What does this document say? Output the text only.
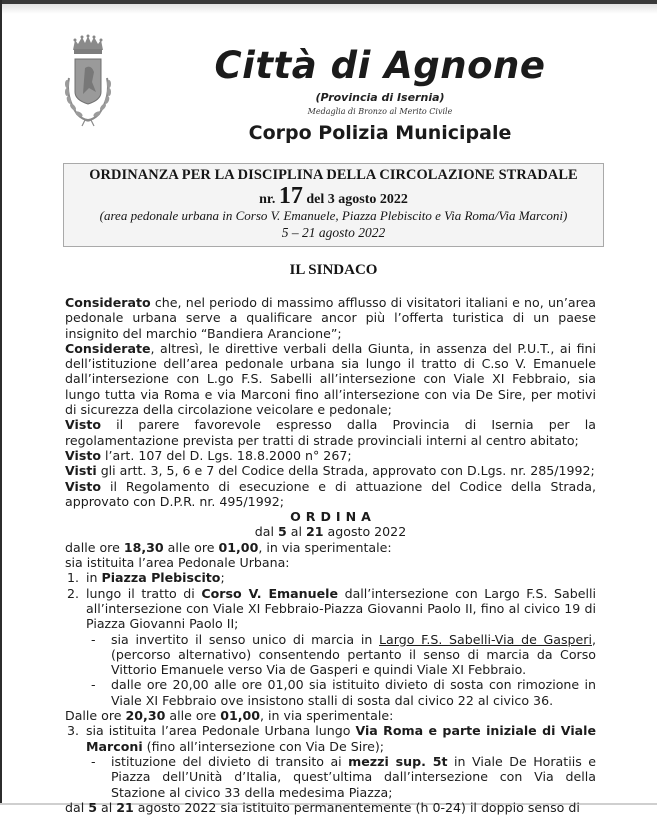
Città di Agnone
(Provincia di Isernia)
Medaglia di Bronzo al Merito Civile
Corpo Polizia Municipale
ORDINANZA PER LA DISCIPLINA DELLA CIRCOLAZIONE STRADALE
nr. 17 del 3 agosto 2022
(area pedonale urbana in Corso V. Emanuele, Piazza Plebiscito e Via Roma/Via Marconi)
5 – 21 agosto 2022
IL SINDACO
Considerato che, nel periodo di massimo afflusso di visitatori italiani e no, un’area pedonale urbana serve a qualificare ancor più l’offerta turistica di un paese insignito del marchio “Bandiera Arancione”;
Considerate, altresì, le direttive verbali della Giunta, in assenza del P.U.T., ai fini dell’istituzione dell’area pedonale urbana sia lungo il tratto di C.so V. Emanuele dall’intersezione con L.go F.S. Sabelli all’intersezione con Viale XI Febbraio, sia lungo tutta via Roma e via Marconi fino all’intersezione con via De Sire, per motivi di sicurezza della circolazione veicolare e pedonale;
Visto il parere favorevole espresso dalla Provincia di Isernia per la regolamentazione prevista per tratti di strade provinciali interni al centro abitato;
Visto l’art. 107 del D. Lgs. 18.8.2000 n° 267;
Visti gli artt. 3, 5, 6 e 7 del Codice della Strada, approvato con D.Lgs. nr. 285/1992;
Visto il Regolamento di esecuzione e di attuazione del Codice della Strada, approvato con D.P.R. nr. 495/1992;
ORDINA
dal 5 al 21 agosto 2022
dalle ore 18,30 alle ore 01,00, in via sperimentale:
sia istituita l’area Pedonale Urbana:
1. in Piazza Plebiscito;
2. lungo il tratto di Corso V. Emanuele dall’intersezione con Largo F.S. Sabelli all’intersezione con Viale XI Febbraio-Piazza Giovanni Paolo II, fino al civico 19 di Piazza Giovanni Paolo II;
-	sia invertito il senso unico di marcia in Largo F.S. Sabelli-Via de Gasperi, (percorso alternativo) consentendo pertanto il senso di marcia da Corso Vittorio Emanuele verso Via de Gasperi e quindi Viale XI Febbraio.
-	dalle ore 20,00 alle ore 01,00 sia istituito divieto di sosta con rimozione in Viale XI Febbraio ove insistono stalli di sosta dal civico 22 al civico 36.
Dalle ore 20,30 alle ore 01,00, in via sperimentale:
3. sia istituita l’area Pedonale Urbana lungo Via Roma e parte iniziale di Viale Marconi (fino all’intersezione con Via De Sire);
-	istituzione del divieto di transito ai mezzi sup. 5t in Viale De Horatiis e Piazza dell’Unità d’Italia, quest’ultima dall’intersezione con Via della Stazione al civico 33 della medesima Piazza;
dal 5 al 21 agosto 2022 sia istituito permanentemente (h 0-24) il doppio senso di
